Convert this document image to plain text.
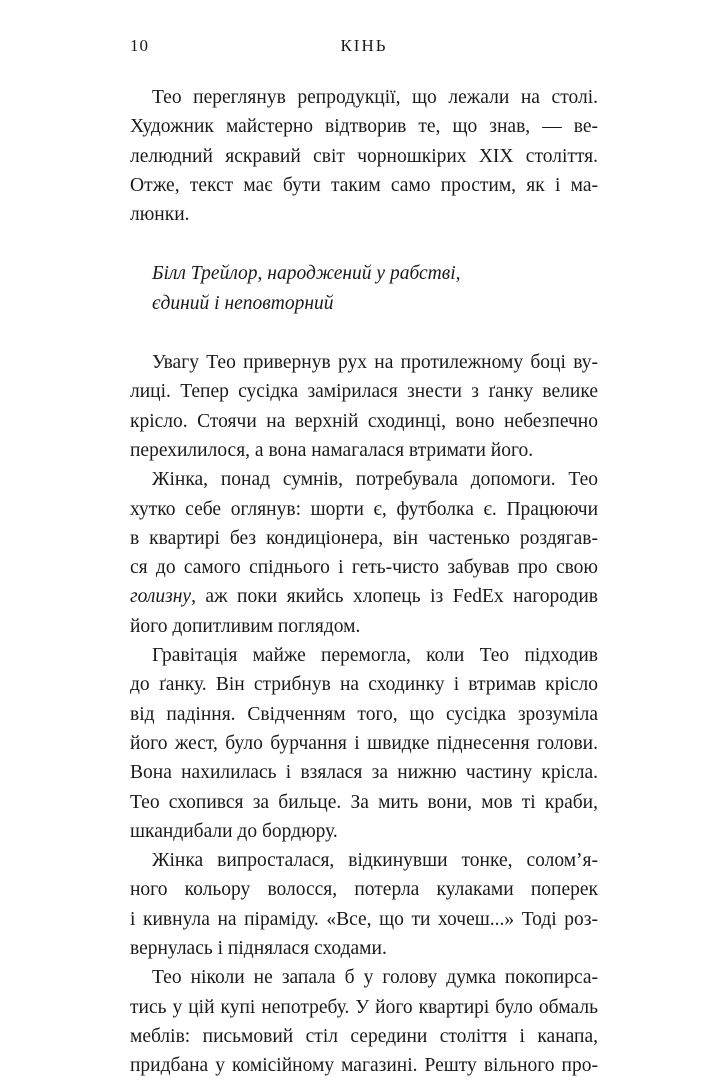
10	КІНЬ

Тео переглянув репродукції, що лежали на столі.
Художник майстерно відтворив те, що знав, — ве-
лелюдний яскравий світ чорношкірих XIX століття.
Отже, текст має бути таким само простим, як і ма-
люнки.

Білл Трейлор, народжений у рабстві,
єдиний і неповторний

Увагу Тео привернув рух на протилежному боці ву-
лиці. Тепер сусідка замірилася знести з ґанку велике
крісло. Стоячи на верхній сходинці, воно небезпечно
перехилилося, а вона намагалася втримати його.

Жінка, понад сумнів, потребувала допомоги. Тео
хутко себе оглянув: шорти є, футболка є. Працюючи
в квартирі без кондиціонера, він частенько роздягав-
ся до самого спіднього і геть-чисто забував про свою
голизну, аж поки якийсь хлопець із FedEx нагородив
його допитливим поглядом.

Гравітація майже перемогла, коли Тео підходив
до ґанку. Він стрибнув на сходинку і втримав крісло
від падіння. Свідченням того, що сусідка зрозуміла
його жест, було бурчання і швидке піднесення голови.
Вона нахилилась і взялася за нижню частину крісла.
Тео схопився за бильце. За мить вони, мов ті краби,
шкандибали до бордюру.

Жінка випросталася, відкинувши тонке, солом’я-
ного кольору волосся, потерла кулаками поперек
і кивнула на піраміду. «Все, що ти хочеш...» Тоді роз-
вернулась і піднялася сходами.

Тео ніколи не запала б у голову думка покопирса-
тись у цій купі непотребу. У його квартирі було обмаль
меблів: письмовий стіл середини століття і канапа,
придбана у комісійному магазині. Решту вільного про-
